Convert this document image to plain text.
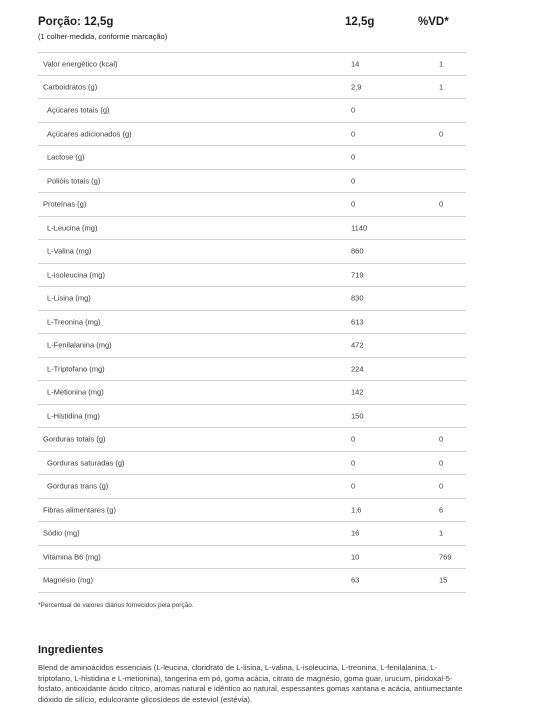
Porção: 12,5g
(1 colher-medida, conforme marcação)
12,5g	%VD*
Valor energético (kcal)	14	1
Carboidratos (g)	2,9	1
Açúcares totais (g)	0
Açúcares adicionados (g)	0	0
Lactose (g)	0
Polióis totais (g)	0
Proteínas (g)	0	0
L-Leucina (mg)	1140
L-Valina (mg)	860
L-Isoleucina (mg)	719
L-Lisina (mg)	830
L-Treonina (mg)	613
L-Fenilalanina (mg)	472
L-Triptofano (mg)	224
L-Metionina (mg)	142
L-Histidina (mg)	150
Gorduras totais (g)	0	0
Gorduras saturadas (g)	0	0
Gorduras trans (g)	0	0
Fibras alimentares (g)	1,6	6
Sódio (mg)	16	1
Vitamina B6 (mg)	10	769
Magnésio (mg)	63	15
*Percentual de valores diários fornecidos pela porção.
Ingredientes
Blend de aminoácidos essenciais (L-leucina, cloridrato de L-lisina, L-valina, L-isoleucina, L-treonina, L-fenilalanina, L-triptofano, L-histidina e L-metionina), tangerina em pó, goma acácia, citrato de magnésio, goma guar, urucum, piridoxal-5-fosfato, antioxidante ácido cítrico, aromas natural e idêntico ao natural, espessantes gomas xantana e acácia, antiumectante dióxido de silício, edulcorante glicosídeos de esteviol (estévia).
